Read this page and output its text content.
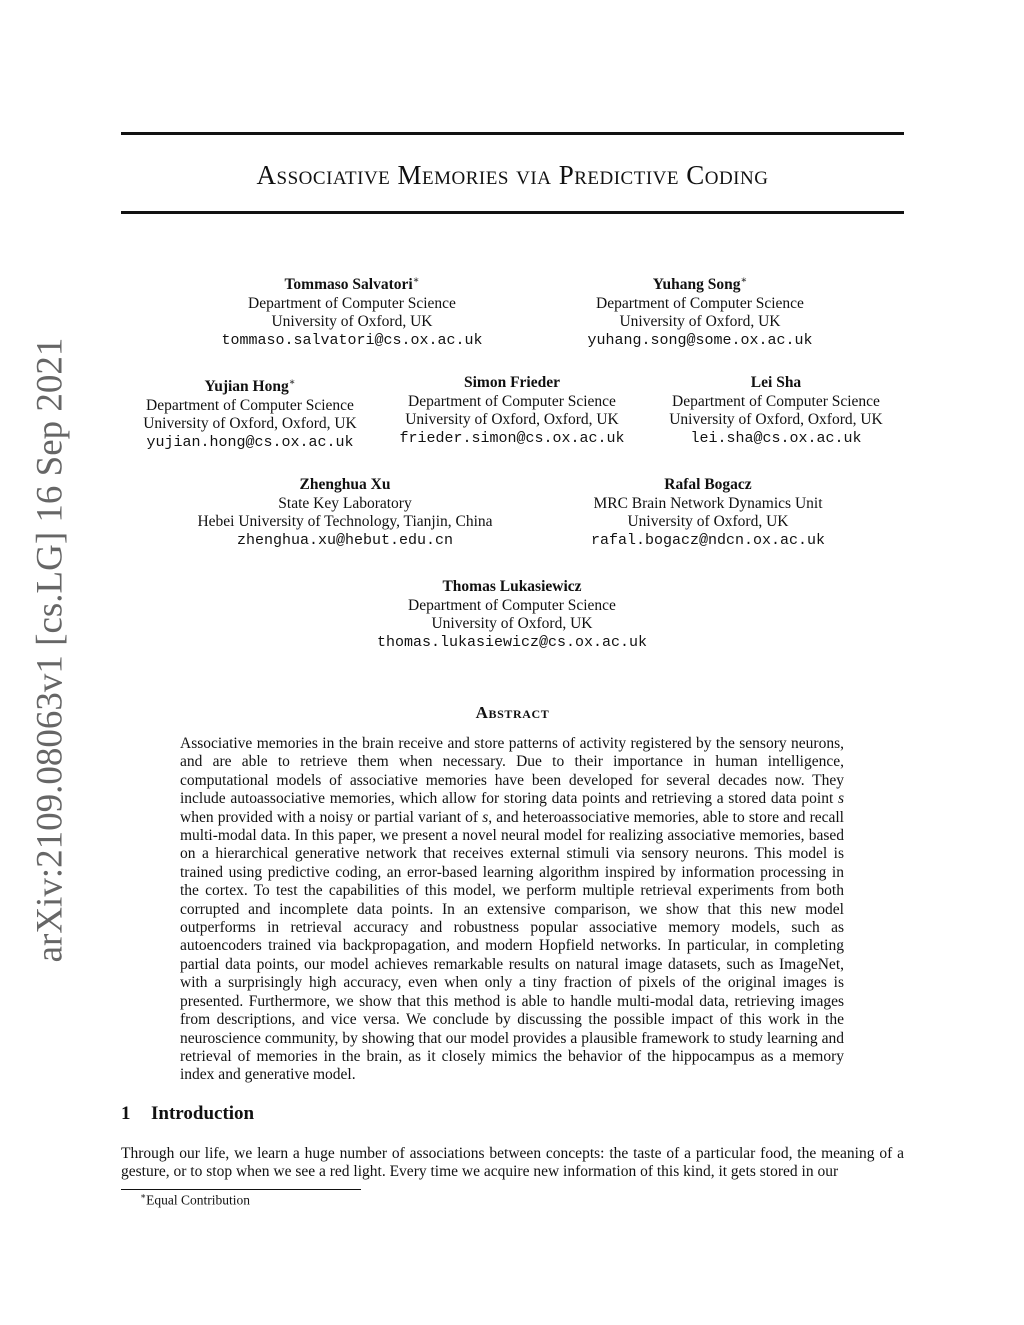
Associative Memories via Predictive Coding
arXiv:2109.08063v1 [cs.LG] 16 Sep 2021
Tommaso Salvatori∗
Department of Computer Science
University of Oxford, UK
tommaso.salvatori@cs.ox.ac.uk
Yuhang Song∗
Department of Computer Science
University of Oxford, UK
yuhang.song@some.ox.ac.uk
Yujian Hong∗
Department of Computer Science
University of Oxford, Oxford, UK
yujian.hong@cs.ox.ac.uk
Simon Frieder
Department of Computer Science
University of Oxford, Oxford, UK
frieder.simon@cs.ox.ac.uk
Lei Sha
Department of Computer Science
University of Oxford, Oxford, UK
lei.sha@cs.ox.ac.uk
Zhenghua Xu
State Key Laboratory
Hebei University of Technology, Tianjin, China
zhenghua.xu@hebut.edu.cn
Rafal Bogacz
MRC Brain Network Dynamics Unit
University of Oxford, UK
rafal.bogacz@ndcn.ox.ac.uk
Thomas Lukasiewicz
Department of Computer Science
University of Oxford, UK
thomas.lukasiewicz@cs.ox.ac.uk
Abstract
Associative memories in the brain receive and store patterns of activity registered by the sensory neurons, and are able to retrieve them when necessary. Due to their importance in human intelligence, computational models of associative memories have been developed for several decades now. They include autoassociative memories, which allow for storing data points and retrieving a stored data point s when provided with a noisy or partial variant of s, and heteroassociative memories, able to store and recall multi-modal data. In this paper, we present a novel neural model for realizing associative memories, based on a hierarchical generative network that receives external stimuli via sensory neurons. This model is trained using predictive coding, an error-based learning algorithm inspired by information processing in the cortex. To test the capabilities of this model, we perform multiple retrieval experiments from both corrupted and incomplete data points. In an extensive comparison, we show that this new model outperforms in retrieval accuracy and robustness popular associative memory models, such as autoencoders trained via backpropagation, and modern Hopfield networks. In particular, in completing partial data points, our model achieves remarkable results on natural image datasets, such as ImageNet, with a surprisingly high accuracy, even when only a tiny fraction of pixels of the original images is presented. Furthermore, we show that this method is able to handle multi-modal data, retrieving images from descriptions, and vice versa. We conclude by discussing the possible impact of this work in the neuroscience community, by showing that our model provides a plausible framework to study learning and retrieval of memories in the brain, as it closely mimics the behavior of the hippocampus as a memory index and generative model.
1 Introduction
Through our life, we learn a huge number of associations between concepts: the taste of a particular food, the meaning of a gesture, or to stop when we see a red light. Every time we acquire new information of this kind, it gets stored in our
∗Equal Contribution
